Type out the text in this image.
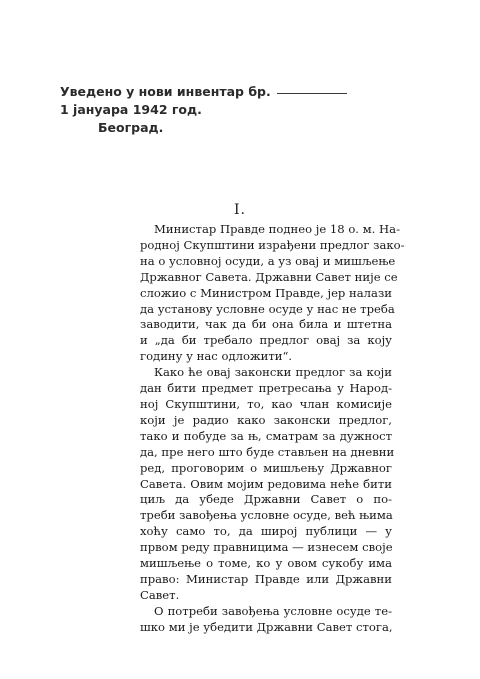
Уведено у нови инвентар бр.
1 јануара 1942 год.
Београд.
I.
Министар Правде поднео је 18 о. м. На-
родној Скупштини израђени предлог зако-
на о условној осуди, а уз овај и мишљење
Државног Савета. Државни Савет није се
сложио с Министром Правде, јер налази
да установу условне осуде у нас не треба
заводити, чак да би она била и штетна
и „да би требало предлог овај за коју
годину у нас одложити“.
Како ће овај законски предлог за који
дан бити предмет претресања у Народ-
ној Скупштини, то, као члан комисије
који је радио како законски предлог,
тако и побуде за њ, сматрам за дужност
да, пре него што буде стављен на дневни
ред, проговорим о мишљењу Државног
Савета. Овим мојим редовима неће бити
циљ да убеде Државни Савет о по-
треби завођења условне осуде, већ њима
хоћу само то, да широј публици — у
првом реду правницима — изнесем своје
мишљење о томе, ко у овом сукобу има
право: Министар Правде или Државни
Савет.
О потреби завођења условне осуде те-
шко ми је убедити Државни Савет стога,
